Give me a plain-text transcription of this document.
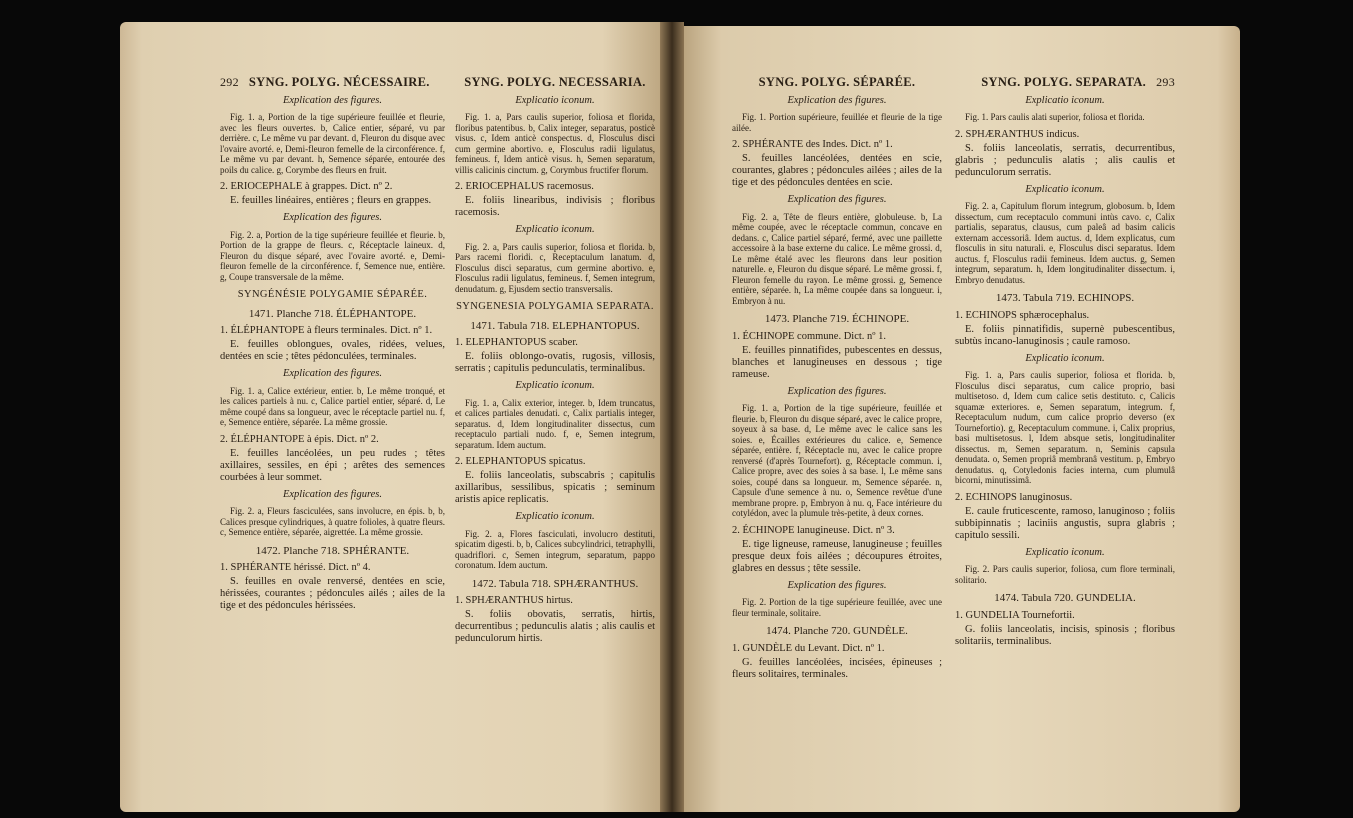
292 SYNG. POLYG. NÉCESSAIRE.
Explication des figures.
Fig. 1. a, Portion de la tige supérieure feuillée et fleurie, avec les fleurs ouvertes. b, Calice entier, séparé, vu par derrière. c, Le même vu par devant. d, Fleuron du disque avec l'ovaire avorté. e, Demi-fleuron femelle de la circonférence. f, Le même vu par devant. h, Semence séparée, entourée des poils du calice. g, Corymbe des fleurs en fruit.
2. ERIOCEPHALE à grappes. Dict. nº 2.
E. feuilles linéaires, entières ; fleurs en grappes.
Explication des figures.
Fig. 2. a, Portion de la tige supérieure feuillée et fleurie. b, Portion de la grappe de fleurs. c, Réceptacle laineux. d, Fleuron du disque séparé, avec l'ovaire avorté. e, Demi-fleuron femelle de la circonférence. f, Semence nue, entière. g, Coupe transversale de la même.
SYNGÉNÉSIE POLYGAMIE SÉPARÉE.
1471. Planche 718. ÉLÉPHANTOPE.
1. ÉLÉPHANTOPE à fleurs terminales. Dict. nº 1.
E. feuilles oblongues, ovales, ridées, velues, dentées en scie ; têtes pédonculées, terminales.
Explication des figures.
Fig. 1. a, Calice extérieur, entier. b, Le même tronqué, et les calices partiels à nu. c, Calice partiel entier, séparé. d, Le même coupé dans sa longueur, avec le réceptacle partiel nu. f, e, Semence entière, séparée. La même grossie.
2. ÉLÉPHANTOPE à épis. Dict. nº 2.
E. feuilles lancéolées, un peu rudes ; têtes axillaires, sessiles, en épi ; arêtes des semences courbées à leur sommet.
Explication des figures.
Fig. 2. a, Fleurs fasciculées, sans involucre, en épis. b, b, Calices presque cylindriques, à quatre folioles, à quatre fleurs. c, Semence entière, séparée, aigrettée. La même grossie.
1472. Planche 718. SPHÉRANTE.
1. SPHÉRANTE hérissé. Dict. nº 4.
S. feuilles en ovale renversé, dentées en scie, hérissées, courantes ; pédoncules ailés ; ailes de la tige et des pédoncules hérissées.
SYNG. POLYG. NECESSARIA.
Explicatio iconum.
Fig. 1. a, Pars caulis superior, foliosa et florida, floribus patentibus. b, Calix integer, separatus, posticè visus. c, Idem anticè conspectus. d, Flosculus disci cum germine abortivo. e, Flosculus radii ligulatus, femineus. f, Idem anticè visus. h, Semen separatum, villis calicinis cinctum. g, Corymbus fructifer florum.
2. ERIOCEPHALUS racemosus.
E. foliis linearibus, indivisis ; floribus racemosis.
Explicatio iconum.
Fig. 2. a, Pars caulis superior, foliosa et florida. b, Pars racemi floridi. c, Receptaculum lanatum. d, Flosculus disci separatus, cum germine abortivo. e, Flosculus radii ligulatus, femineus. f, Semen integrum, denudatum. g, Ejusdem sectio transversalis.
SYNGENESIA POLYGAMIA SEPARATA.
1471. Tabula 718. ELEPHANTOPUS.
1. ELEPHANTOPUS scaber.
E. foliis oblongo-ovatis, rugosis, villosis, serratis ; capitulis pedunculatis, terminalibus.
Explicatio iconum.
Fig. 1. a, Calix exterior, integer. b, Idem truncatus, et calices partiales denudati. c, Calix partialis integer, separatus. d, Idem longitudinaliter dissectus, cum receptaculo partiali nudo. f, e, Semen integrum, separatum. Idem auctum.
2. ELEPHANTOPUS spicatus.
E. foliis lanceolatis, subscabris ; capitulis axillaribus, sessilibus, spicatis ; seminum aristis apice replicatis.
Explicatio iconum.
Fig. 2. a, Flores fasciculati, involucro destituti, spicatim digesti. b, b, Calices subcylindrici, tetraphylli, quadriflori. c, Semen integrum, separatum, pappo coronatum. Idem auctum.
1472. Tabula 718. SPHÆRANTHUS.
1. SPHÆRANTHUS hirtus.
S. foliis obovatis, serratis, hirtis, decurrentibus ; pedunculis alatis ; alis caulis et pedunculorum hirtis.
SYNG. POLYG. SÉPARÉE.
Explication des figures.
Fig. 1. Portion supérieure, feuillée et fleurie de la tige ailée.
2. SPHÉRANTE des Indes. Dict. nº 1.
S. feuilles lancéolées, dentées en scie, courantes, glabres ; pédoncules ailées ; ailes de la tige et des pédoncules dentées en scie.
Explication des figures.
Fig. 2. a, Tête de fleurs entière, globuleuse. b, La même coupée, avec le réceptacle commun, concave en dedans. c, Calice partiel séparé, fermé, avec une paillette accessoire à la base externe du calice. Le même grossi. d, Le même étalé avec les fleurons dans leur position naturelle. e, Fleuron du disque séparé. Le même grossi. f, Fleuron femelle du rayon. Le même grossi. g, Semence entière, séparée. h, La même coupée dans sa longueur. i, Embryon à nu.
1473. Planche 719. ÉCHINOPE.
1. ÉCHINOPE commune. Dict. nº 1.
E. feuilles pinnatifides, pubescentes en dessus, blanches et lanugineuses en dessous ; tige rameuse.
Explication des figures.
Fig. 1. a, Portion de la tige supérieure, feuillée et fleurie. b, Fleuron du disque séparé, avec le calice propre, soyeux à sa base. d, Le même avec le calice sans les soies. e, Écailles extérieures du calice. e, Semence séparée, entière. f, Réceptacle nu, avec le calice propre renversé (d'après Tournefort). g, Réceptacle commun. i, Calice propre, avec des soies à sa base. l, Le même sans soies, coupé dans sa longueur. m, Semence séparée. n, Capsule d'une semence à nu. o, Semence revêtue d'une membrane propre. p, Embryon à nu. q, Face intérieure du cotylédon, avec la plumule très-petite, à deux cornes.
2. ÉCHINOPE lanugineuse. Dict. nº 3.
E. tige ligneuse, rameuse, lanugineuse ; feuilles presque deux fois ailées ; découpures étroites, glabres en dessus ; tête sessile.
Explication des figures.
Fig. 2. Portion de la tige supérieure feuillée, avec une fleur terminale, solitaire.
1474. Planche 720. GUNDÈLE.
1. GUNDÈLE du Levant. Dict. nº 1.
G. feuilles lancéolées, incisées, épineuses ; fleurs solitaires, terminales.
SYNG. POLYG. SEPARATA. 293
Explicatio iconum.
Fig. 1. Pars caulis alati superior, foliosa et florida.
2. SPHÆRANTHUS indicus.
S. foliis lanceolatis, serratis, decurrentibus, glabris ; pedunculis alatis ; alis caulis et pedunculorum serratis.
Explicatio iconum.
Fig. 2. a, Capitulum florum integrum, globosum. b, Idem dissectum, cum receptaculo communi intùs cavo. c, Calix partialis, separatus, clausus, cum paleâ ad basim calicis externam accessoriâ. Idem auctus. d, Idem explicatus, cum flosculis in situ naturali. e, Flosculus disci separatus. Idem auctus. f, Flosculus radii femineus. Idem auctus. g, Semen integrum, separatum. h, Idem longitudinaliter dissectum. i, Embryo denudatus.
1473. Tabula 719. ECHINOPS.
1. ECHINOPS sphærocephalus.
E. foliis pinnatifidis, supernè pubescentibus, subtùs incano-lanuginosis ; caule ramoso.
Explicatio iconum.
Fig. 1. a, Pars caulis superior, foliosa et florida. b, Flosculus disci separatus, cum calice proprio, basi multisetoso. d, Idem cum calice setis destituto. c, Calicis squamæ exteriores. e, Semen separatum, integrum. f, Receptaculum nudum, cum calice proprio deverso (ex Tournefortio). g, Receptaculum commune. i, Calix proprius, basi multisetosus. l, Idem absque setis, longitudinaliter dissectus. m, Semen separatum. n, Seminis capsula denudata. o, Semen propriâ membranâ vestitum. p, Embryo denudatus. q, Cotyledonis facies interna, cum plumulâ bicorni, minutissimâ.
2. ECHINOPS lanuginosus.
E. caule fruticescente, ramoso, lanuginoso ; foliis subbipinnatis ; laciniis angustis, supra glabris ; capitulo sessili.
Explicatio iconum.
Fig. 2. Pars caulis superior, foliosa, cum flore terminali, solitario.
1474. Tabula 720. GUNDELIA.
1. GUNDELIA Tournefortii.
G. foliis lanceolatis, incisis, spinosis ; floribus solitariis, terminalibus.
